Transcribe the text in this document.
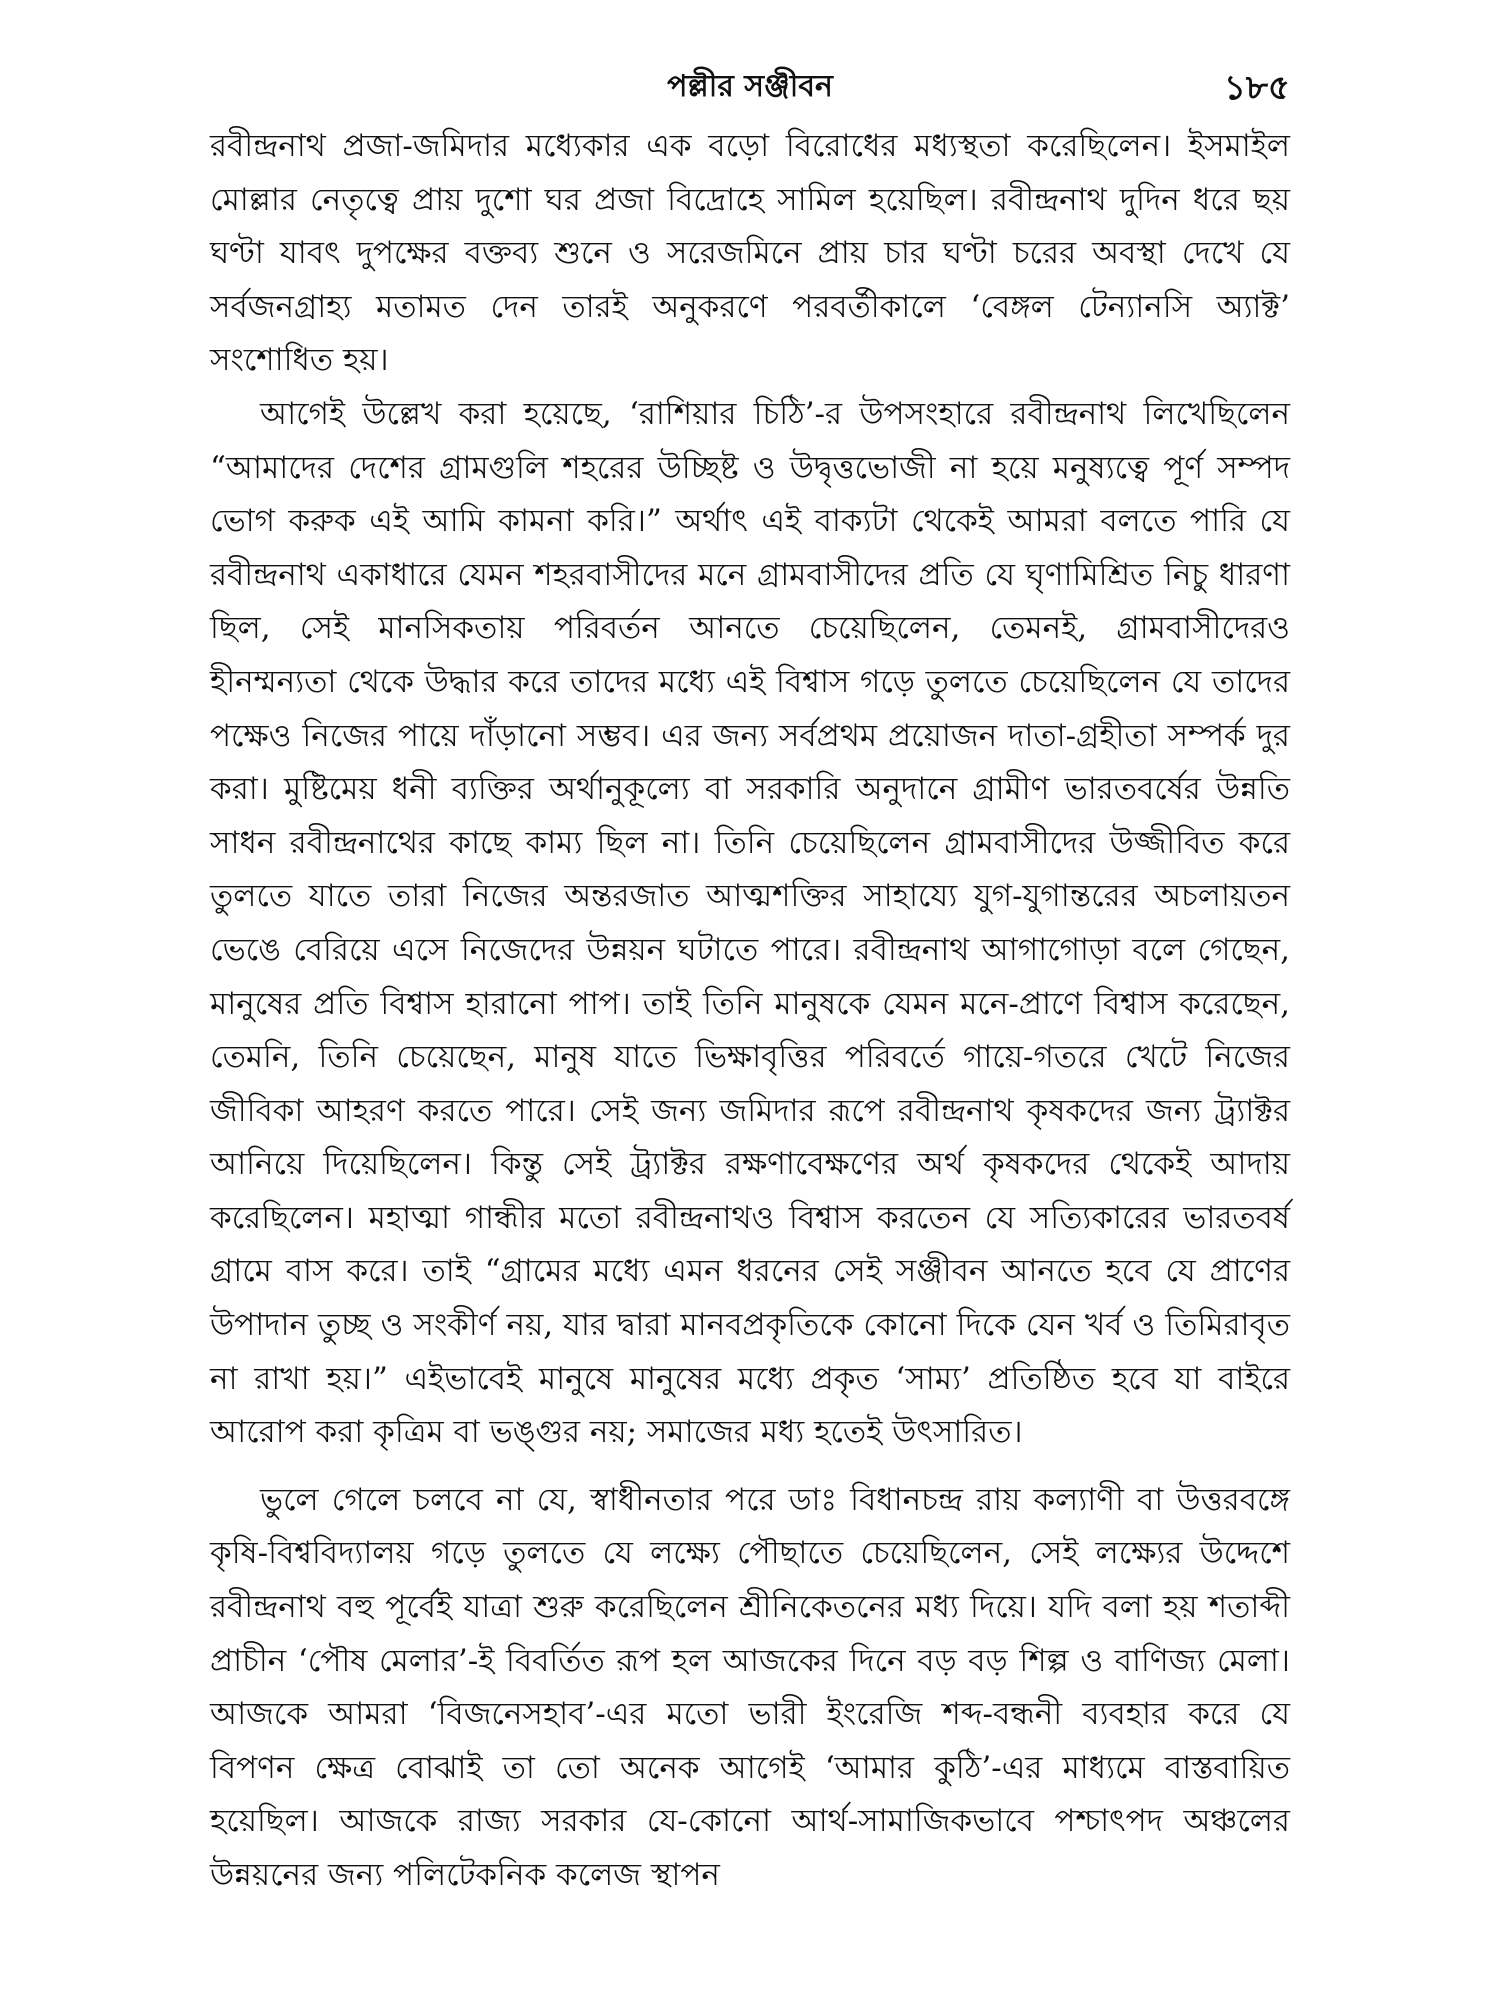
পল্লীর সঞ্জীবন	১৮৫

রবীন্দ্রনাথ প্রজা-জমিদার মধ্যেকার এক বড়ো বিরোধের মধ্যস্থতা করেছিলেন। ইসমাইল মোল্লার নেতৃত্বে প্রায় দুশো ঘর প্রজা বিদ্রোহে সামিল হয়েছিল। রবীন্দ্রনাথ দুদিন ধরে ছয় ঘণ্টা যাবৎ দুপক্ষের বক্তব্য শুনে ও সরেজমিনে প্রায় চার ঘণ্টা চরের অবস্থা দেখে যে সর্বজনগ্রাহ্য মতামত দেন তারই অনুকরণে পরবর্তীকালে ‘বেঙ্গল টেন্যানসি অ্যাক্ট’ সংশোধিত হয়।

আগেই উল্লেখ করা হয়েছে, ‘রাশিয়ার চিঠি’-র উপসংহারে রবীন্দ্রনাথ লিখেছিলেন “আমাদের দেশের গ্রামগুলি শহরের উচ্ছিষ্ট ও উদ্বৃত্তভোজী না হয়ে মনুষ্যত্বে পূর্ণ সম্পদ ভোগ করুক এই আমি কামনা করি।” অর্থাৎ এই বাক্যটা থেকেই আমরা বলতে পারি যে রবীন্দ্রনাথ একাধারে যেমন শহরবাসীদের মনে গ্রামবাসীদের প্রতি যে ঘৃণামিশ্রিত নিচু ধারণা ছিল, সেই মানসিকতায় পরিবর্তন আনতে চেয়েছিলেন, তেমনই, গ্রামবাসীদেরও হীনম্মন্যতা থেকে উদ্ধার করে তাদের মধ্যে এই বিশ্বাস গড়ে তুলতে চেয়েছিলেন যে তাদের পক্ষেও নিজের পায়ে দাঁড়ানো সম্ভব। এর জন্য সর্বপ্রথম প্রয়োজন দাতা-গ্রহীতা সম্পর্ক দুর করা। মুষ্টিমেয় ধনী ব্যক্তির অর্থানুকূল্যে বা সরকারি অনুদানে গ্রামীণ ভারতবর্ষের উন্নতি সাধন রবীন্দ্রনাথের কাছে কাম্য ছিল না। তিনি চেয়েছিলেন গ্রামবাসীদের উজ্জীবিত করে তুলতে যাতে তারা নিজের অন্তরজাত আত্মশক্তির সাহায্যে যুগ-যুগান্তরের অচলায়তন ভেঙে বেরিয়ে এসে নিজেদের উন্নয়ন ঘটাতে পারে। রবীন্দ্রনাথ আগাগোড়া বলে গেছেন, মানুষের প্রতি বিশ্বাস হারানো পাপ। তাই তিনি মানুষকে যেমন মনে-প্রাণে বিশ্বাস করেছেন, তেমনি, তিনি চেয়েছেন, মানুষ যাতে ভিক্ষাবৃত্তির পরিবর্তে গায়ে-গতরে খেটে নিজের জীবিকা আহরণ করতে পারে। সেই জন্য জমিদার রূপে রবীন্দ্রনাথ কৃষকদের জন্য ট্র্যাক্টর আনিয়ে দিয়েছিলেন। কিন্তু সেই ট্র্যাক্টর রক্ষণাবেক্ষণের অর্থ কৃষকদের থেকেই আদায় করেছিলেন। মহাত্মা গান্ধীর মতো রবীন্দ্রনাথও বিশ্বাস করতেন যে সত্যিকারের ভারতবর্ষ গ্রামে বাস করে। তাই “গ্রামের মধ্যে এমন ধরনের সেই সঞ্জীবন আনতে হবে যে প্রাণের উপাদান তুচ্ছ ও সংকীর্ণ নয়, যার দ্বারা মানবপ্রকৃতিকে কোনো দিকে যেন খর্ব ও তিমিরাবৃত না রাখা হয়।” এইভাবেই মানুষে মানুষের মধ্যে প্রকৃত ‘সাম্য’ প্রতিষ্ঠিত হবে যা বাইরে আরোপ করা কৃত্রিম বা ভঙ্গুর নয়; সমাজের মধ্য হতেই উৎসারিত।

ভুলে গেলে চলবে না যে, স্বাধীনতার পরে ডাঃ বিধানচন্দ্র রায় কল্যাণী বা উত্তরবঙ্গে কৃষি-বিশ্ববিদ্যালয় গড়ে তুলতে যে লক্ষ্যে পৌছাতে চেয়েছিলেন, সেই লক্ষ্যের উদ্দেশে রবীন্দ্রনাথ বহু পূর্বেই যাত্রা শুরু করেছিলেন শ্রীনিকেতনের মধ্য দিয়ে। যদি বলা হয় শতাব্দী প্রাচীন ‘পৌষ মেলার’-ই বিবর্তিত রূপ হল আজকের দিনে বড় বড় শিল্প ও বাণিজ্য মেলা। আজকে আমরা ‘বিজনেসহাব’-এর মতো ভারী ইংরেজি শব্দ-বন্ধনী ব্যবহার করে যে বিপণন ক্ষেত্র বোঝাই তা তো অনেক আগেই ‘আমার কুঠি’-এর মাধ্যমে বাস্তবায়িত হয়েছিল। আজকে রাজ্য সরকার যে-কোনো আর্থ-সামাজিকভাবে পশ্চাৎপদ অঞ্চলের উন্নয়নের জন্য পলিটেকনিক কলেজ স্থাপন
